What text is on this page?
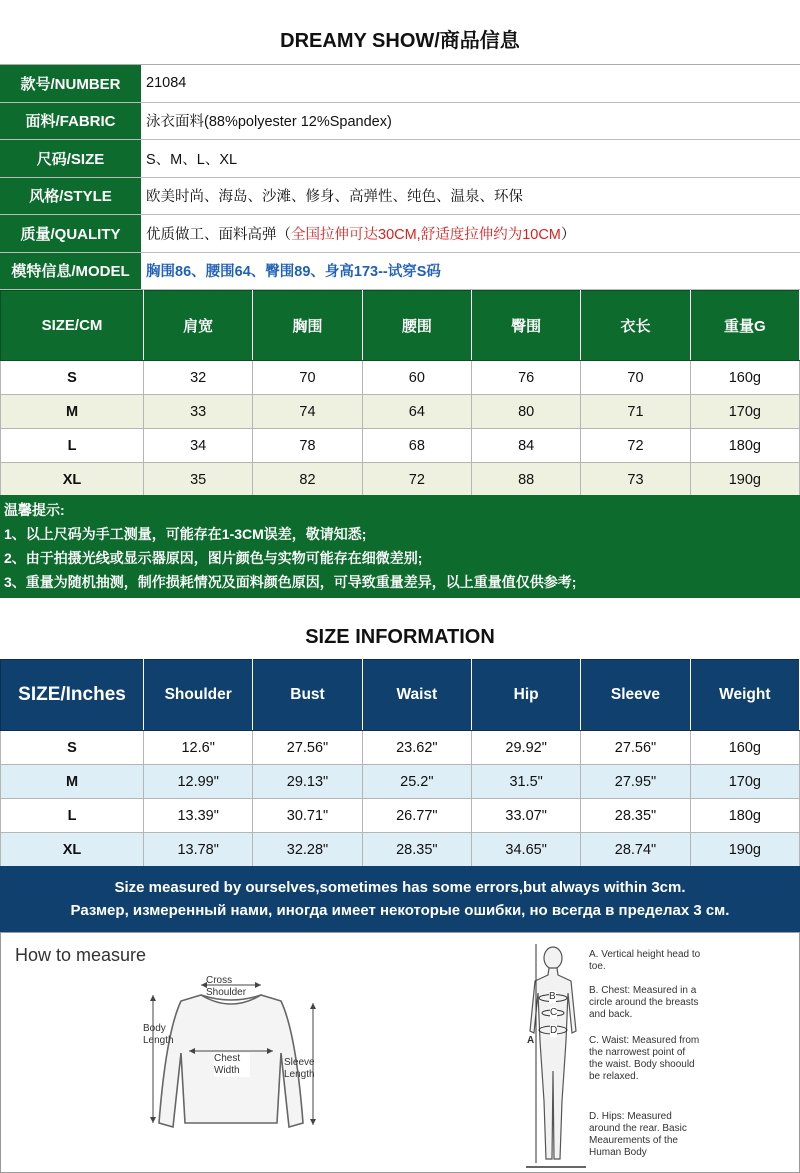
DREAMY SHOW/商品信息
款号/NUMBER	21084
面料/FABRIC	泳衣面料(88%polyester 12%Spandex)
尺码/SIZE	S、M、L、XL
风格/STYLE	欧美时尚、海岛、沙滩、修身、高弹性、纯色、温泉、环保
质量/QUALITY	优质做工、面料高弹（ 全国拉伸可达30CM,舒适度拉伸约为10CM ）
模特信息/MODEL	胸围86、腰围64、臀围89、身高173--试穿S码
SIZE/CM	肩宽	胸围	腰围	臀围	衣长	重量G
S	32	70	60	76	70	160g
M	33	74	64	80	71	170g
L	34	78	68	84	72	180g
XL	35	82	72	88	73	190g
温馨提示:
1、以上尺码为手工测量，可能存在1-3CM误差，敬请知悉;
2、由于拍摄光线或显示器原因，图片颜色与实物可能存在细微差别;
3、重量为随机抽测，制作损耗情况及面料颜色原因，可导致重量差异，以上重量值仅供参考;
SIZE INFORMATION
SIZE/Inches	Shoulder	Bust	Waist	Hip	Sleeve	Weight
S	12.6"	27.56"	23.62"	29.92"	27.56"	160g
M	12.99"	29.13"	25.2"	31.5"	27.95"	170g
L	13.39"	30.71"	26.77"	33.07"	28.35"	180g
XL	13.78"	32.28"	28.35"	34.65"	28.74"	190g
Size measured by ourselves,sometimes has some errors,but always within 3cm.
Размер, измеренный нами, иногда имеет некоторые ошибки, но всегда в пределах 3 см.
How to measure
Cross Shoulder
Body Length
Chest Width
Sleeve Length
A
B
C
D
A. Vertical height head to toe.
B. Chest: Measured in a circle around the breasts and back.
C. Waist: Measured from the narrowest point of the waist. Body shoould be relaxed.
D. Hips: Measured around the rear. Basic Meaurements of the Human Body
